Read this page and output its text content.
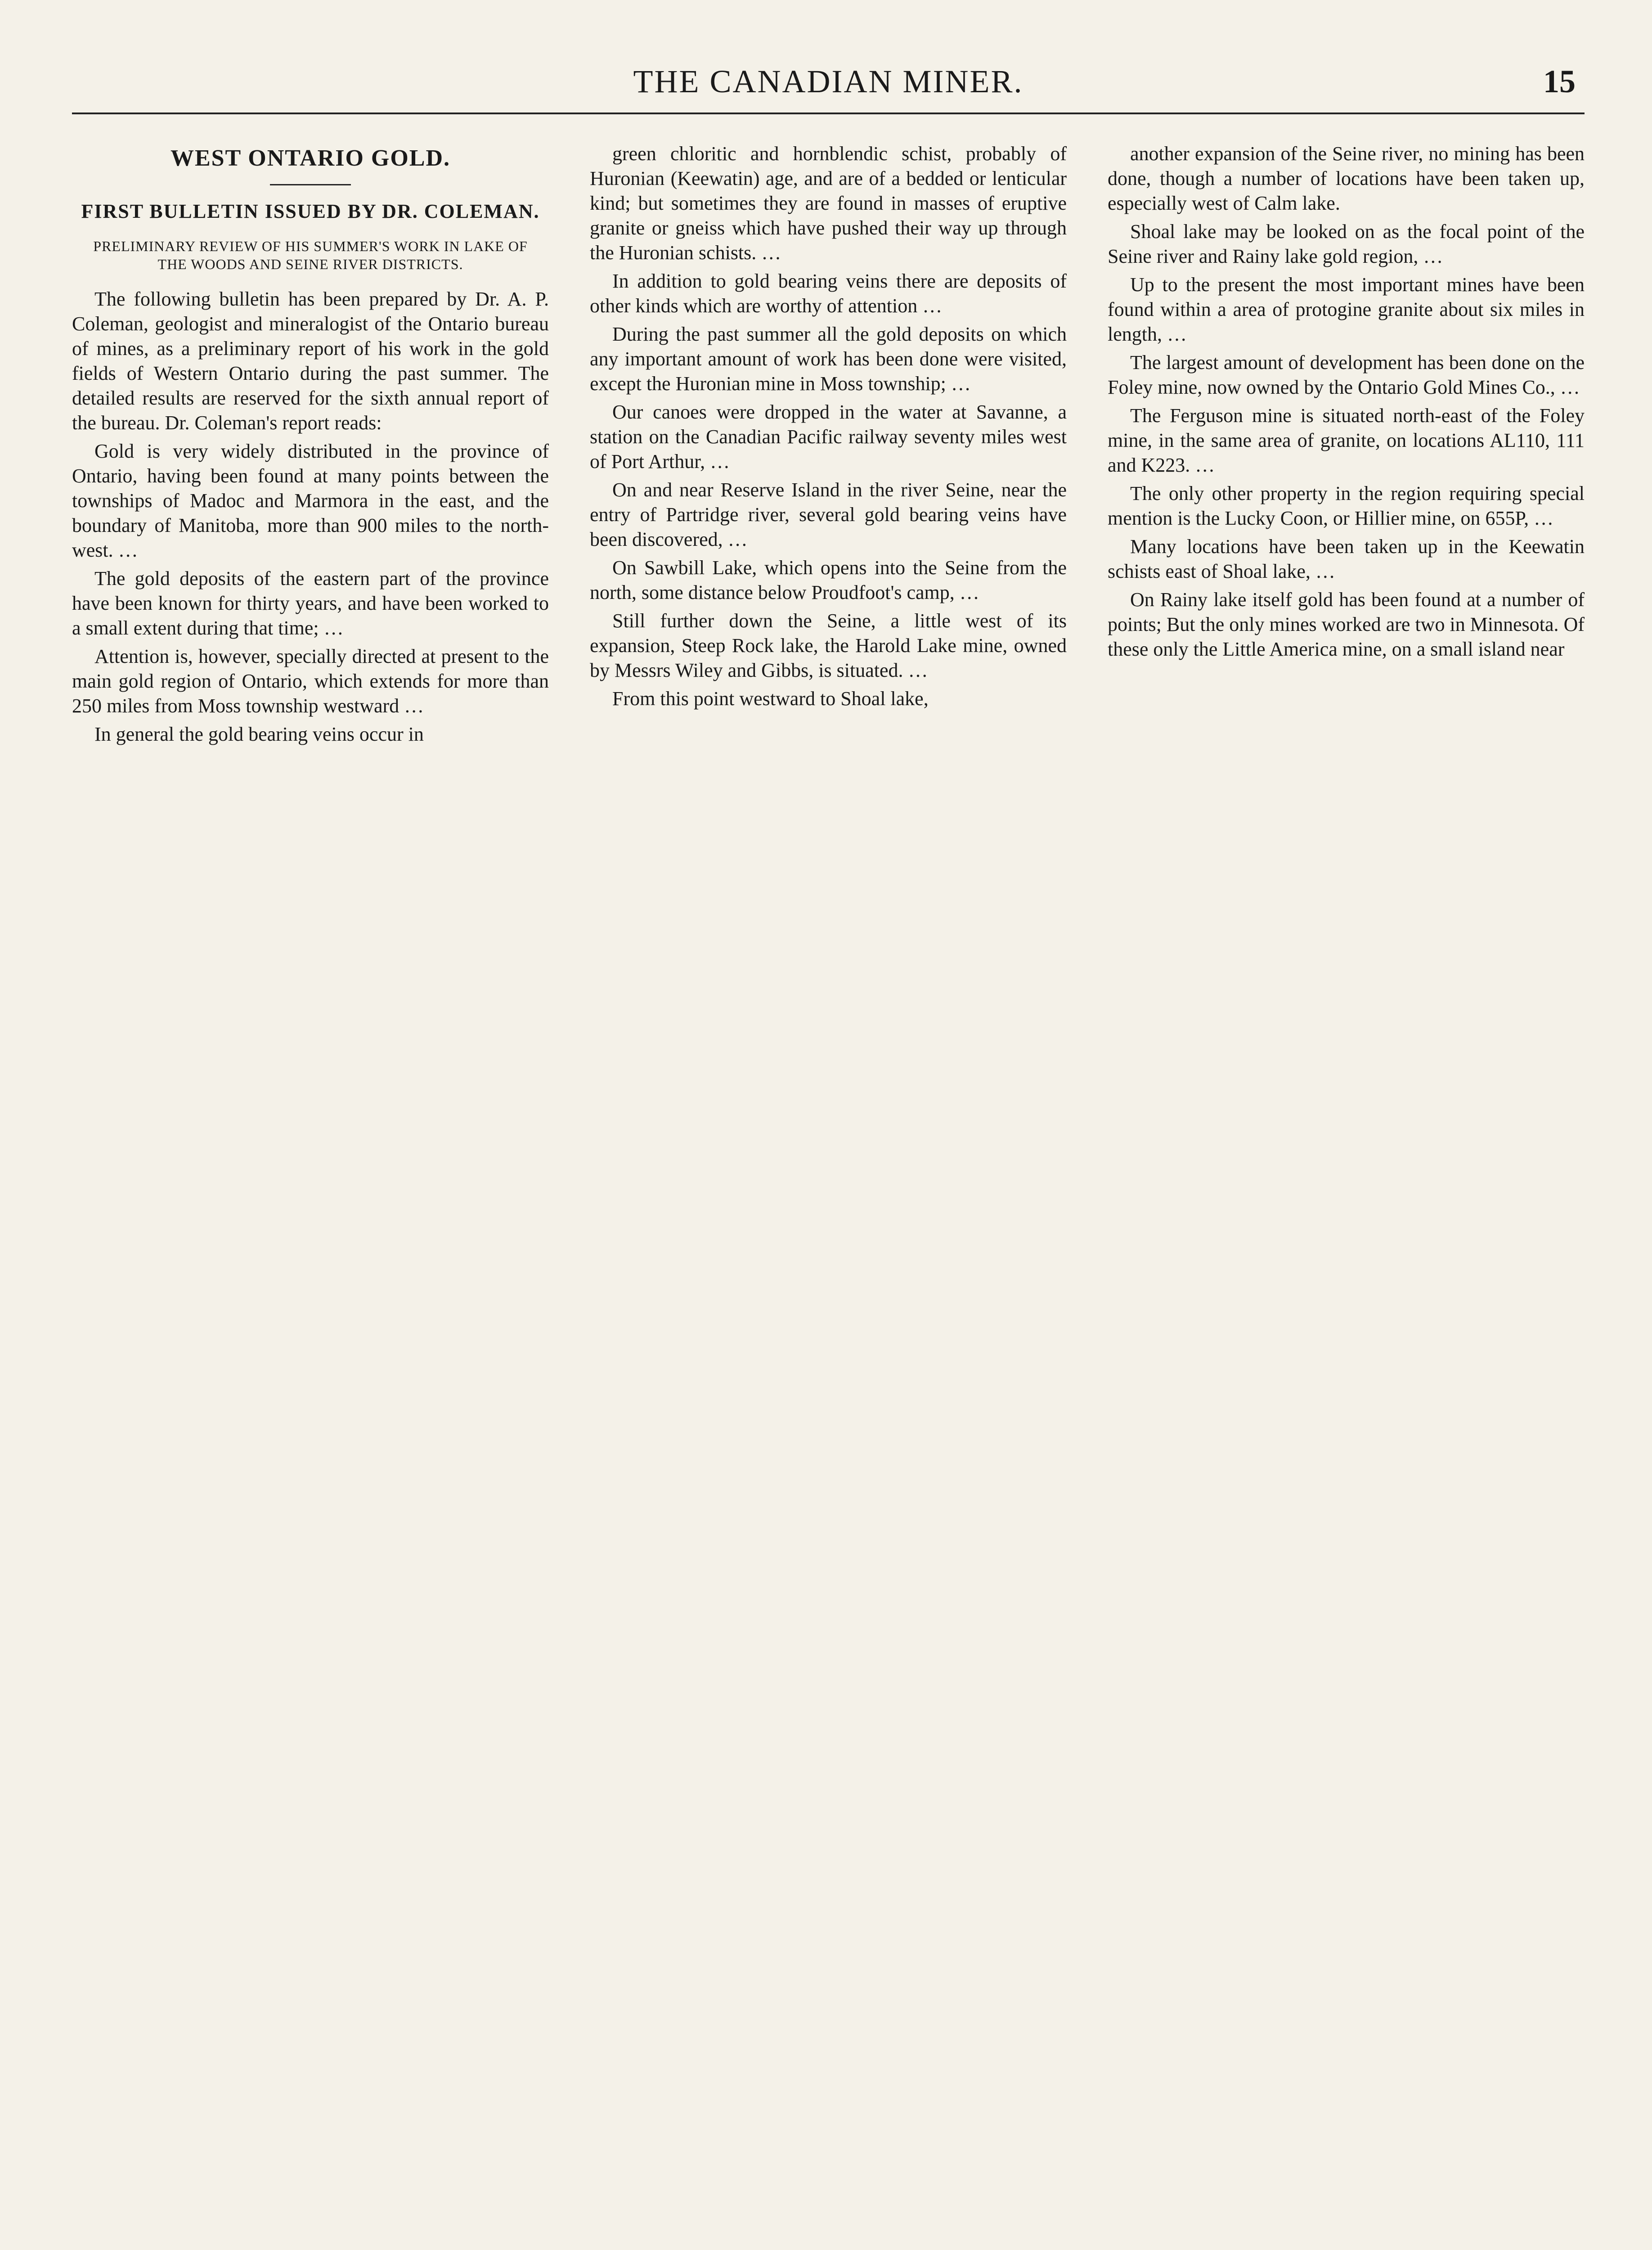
THE CANADIAN MINER.	15
WEST ONTARIO GOLD.
FIRST BULLETIN ISSUED BY DR. COLEMAN.
PRELIMINARY REVIEW OF HIS SUMMER'S WORK IN LAKE OF THE WOODS AND SEINE RIVER DISTRICTS.

The following bulletin has been prepared by Dr. A. P. Coleman, geologist and mineralogist of the Ontario bureau of mines, as a preliminary report of his work in the gold fields of Western Ontario during the past summer. The detailed results are reserved for the sixth annual report of the bureau. Dr. Coleman's report reads:

Gold is very widely distributed in the province of Ontario, having been found at many points between the townships of Madoc and Marmora in the east, and the boundary of Manitoba, more than 900 miles to the north-west. …

The gold deposits of the eastern part of the province have been known for thirty years, and have been worked to a small extent during that time; …

Attention is, however, specially directed at present to the main gold region of Ontario, which extends for more than 250 miles from Moss township westward …

In general the gold bearing veins occur in

green chloritic and hornblendic schist, probably of Huronian (Keewatin) age, and are of a bedded or lenticular kind; but sometimes they are found in masses of eruptive granite or gneiss which have pushed their way up through the Huronian schists. …

In addition to gold bearing veins there are deposits of other kinds which are worthy of attention …

During the past summer all the gold deposits on which any important amount of work has been done were visited, except the Huronian mine in Moss township; …

Our canoes were dropped in the water at Savanne, a station on the Canadian Pacific railway seventy miles west of Port Arthur, …

On and near Reserve Island in the river Seine, near the entry of Partridge river, several gold bearing veins have been discovered, …

On Sawbill Lake, which opens into the Seine from the north, some distance below Proudfoot's camp, …

Still further down the Seine, a little west of its expansion, Steep Rock lake, the Harold Lake mine, owned by Messrs Wiley and Gibbs, is situated. …

From this point westward to Shoal lake,

another expansion of the Seine river, no mining has been done, though a number of locations have been taken up, especially west of Calm lake.

Shoal lake may be looked on as the focal point of the Seine river and Rainy lake gold region, …

Up to the present the most important mines have been found within a area of protogine granite about six miles in length, …

The largest amount of development has been done on the Foley mine, now owned by the Ontario Gold Mines Co., …

The Ferguson mine is situated north-east of the Foley mine, in the same area of granite, on locations AL110, 111 and K223. …

The only other property in the region requiring special mention is the Lucky Coon, or Hillier mine, on 655P, …

Many locations have been taken up in the Keewatin schists east of Shoal lake, …

On Rainy lake itself gold has been found at a number of points; But the only mines worked are two in Minnesota. Of these only the Little America mine, on a small island near
